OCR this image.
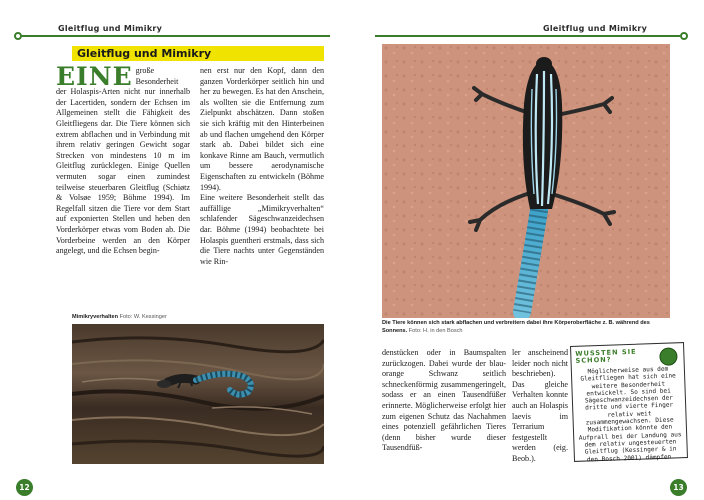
Gleitflug und Mimikry	Gleitflug und Mimikry
Gleitflug und Mimikry
EINE große Besonderheit der Holaspis-Arten nicht nur innerhalb der Lacertiden, sondern der Echsen im Allgemeinen stellt die Fähigkeit des Gleitfliegens dar. Die Tiere können sich extrem abflachen und in Verbindung mit ihrem relativ geringen Gewicht sogar Strecken von mindestens 10 m im Gleitflug zurücklegen. Einige Quellen vermuten sogar einen zumindest teilweise steuerbaren Gleitflug (Schiøtz & Volsøe 1959; Böhme 1994). Im Regelfall sitzen die Tiere vor dem Start auf exponierten Stellen und heben den Vorderkörper etwas vom Boden ab. Die Vorderbeine werden an den Körper angelegt, und die Echsen begin-

nen erst nur den Kopf, dann den ganzen Vorderkörper seitlich hin und her zu bewegen. Es hat den Anschein, als wollten sie die Entfernung zum Zielpunkt abschätzen. Dann stoßen sie sich kräftig mit den Hinterbeinen ab und flachen umgehend den Körper stark ab. Dabei bildet sich eine konkave Rinne am Bauch, vermutlich um bessere aerodynamische Eigenschaften zu entwickeln (Böhme 1994).

Eine weitere Besonderheit stellt das auffällige „Mimikryverhalten“ schlafender Sägeschwanzeidechsen dar. Böhme (1994) beobachtete bei Holaspis guentheri erstmals, dass sich die Tiere nachts unter Gegenständen wie Rin-

Mimikryverhalten Foto: W. Kessinger
12
Die Tiere können sich stark abflachen und verbreitern dabei ihre Körperoberfläche z. B. während des Sonnens. Foto: H. in den Bosch

denstücken oder in Baumspalten zurückzogen. Dabei wurde der blau-orange Schwanz seitlich schneckenförmig zusammengeringelt, sodass er an einen Tausendfüßer erinnerte. Möglicherweise erfolgt hier zum eigenen Schutz das Nachahmen eines potenziell gefährlichen Tieres (denn bisher wurde dieser Tausendfüß-

ler anscheinend leider noch nicht beschrieben). Das gleiche Verhalten konnte auch an Holaspis laevis im Terrarium festgestellt werden (eig. Beob.).

WUSSTEN SIE SCHON?
Möglicherweise aus dem Gleitfliegen hat sich eine weitere Besonderheit entwickelt. So sind bei Sägeschwanzeidechsen der dritte und vierte Finger relativ weit zusammengewachsen. Diese Modifikation könnte den Aufprall bei der Landung aus dem relativ ungesteuerten Gleitflug (Kessinger & in den Bosch 2001) dämpfen.
13
